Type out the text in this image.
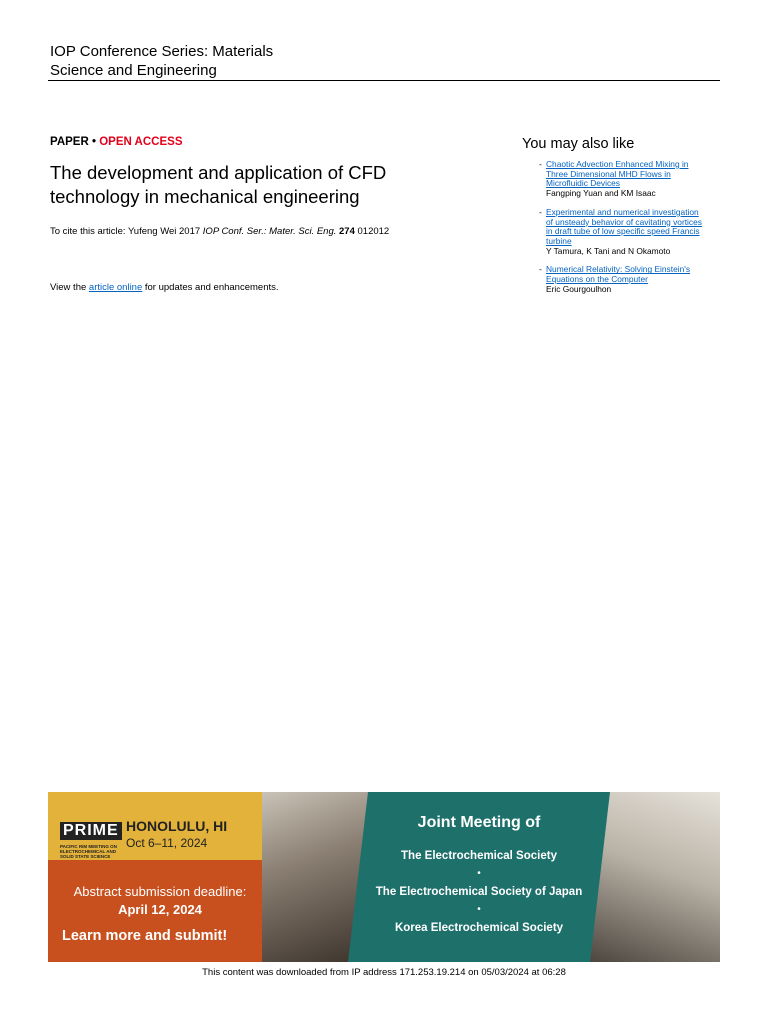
IOP Conference Series: Materials
Science and Engineering
PAPER • OPEN ACCESS
The development and application of CFD
technology in mechanical engineering
To cite this article: Yufeng Wei 2017 IOP Conf. Ser.: Mater. Sci. Eng. 274 012012
View the article online for updates and enhancements.
You may also like
- Chaotic Advection Enhanced Mixing in
Three Dimensional MHD Flows in
Microfluidic Devices
Fangping Yuan and KM Isaac
- Experimental and numerical investigation
of unsteady behavior of cavitating vortices
in draft tube of low specific speed Francis
turbine
Y Tamura, K Tani and N Okamoto
- Numerical Relativity: Solving Einstein's
Equations on the Computer
Eric Gourgoulhon
PRIME
PACIFIC RIM MEETING ON ELECTROCHEMICAL AND SOLID STATE SCIENCE
HONOLULU, HI
Oct 6–11, 2024
Abstract submission deadline:
April 12, 2024
Learn more and submit!
Joint Meeting of
The Electrochemical Society
•
The Electrochemical Society of Japan
•
Korea Electrochemical Society
This content was downloaded from IP address 171.253.19.214 on 05/03/2024 at 06:28
